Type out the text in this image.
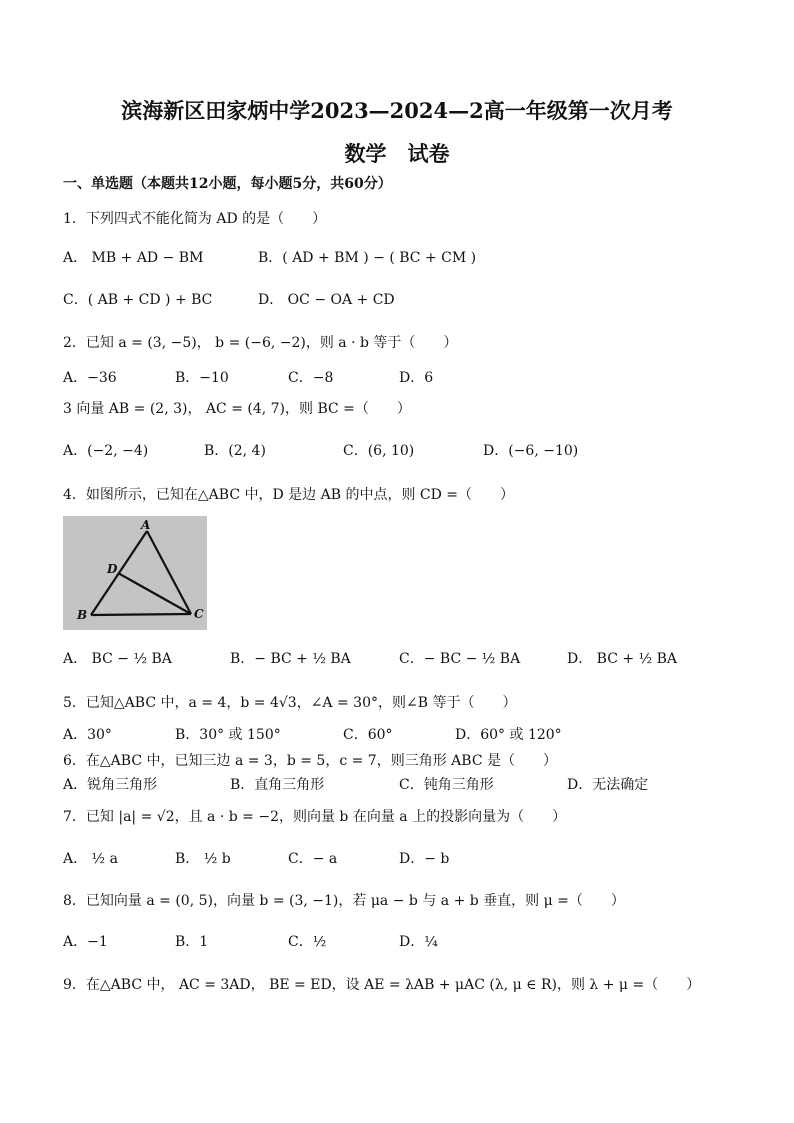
滨海新区田家炳中学2023—2024—2高一年级第一次月考
数学　试卷
一、单选题（本题共12小题，每小题5分，共60分）
1．下列四式不能化简为 AD 的是（　　）
A． MB + AD − BM	B．( AD + BM ) − ( BC + CM )
C．( AB + CD ) + BC	D． OC − OA + CD
2．已知 a = (3, −5)， b = (−6, −2)，则 a · b 等于（　　）
A．−36	B．−10	C．−8	D．6
3 向量 AB = (2, 3)， AC = (4, 7)，则 BC =（　　）
A．(−2, −4)	B．(2, 4)	C．(6, 10)	D．(−6, −10)
4．如图所示，已知在△ABC 中，D 是边 AB 的中点，则 CD =（　　）
A
B	C
D
A． BC − ½ BA	B．− BC + ½ BA	C．− BC − ½ BA	D． BC + ½ BA
5．已知△ABC 中，a = 4，b = 4√3，∠A = 30°，则∠B 等于（　　）
A．30°	B．30° 或 150°	C．60°	D．60° 或 120°
6．在△ABC 中，已知三边 a = 3，b = 5，c = 7，则三角形 ABC 是（　　）
A．锐角三角形	B．直角三角形	C．钝角三角形	D．无法确定
7．已知 |a| = √2，且 a · b = −2，则向量 b 在向量 a 上的投影向量为（　　）
A． ½ a	B． ½ b	C．− a	D．− b
8．已知向量 a = (0, 5)，向量 b = (3, −1)，若 μa − b 与 a + b 垂直，则 μ =（　　）
A．−1	B．1	C．½	D．¼
9．在△ABC 中， AC = 3AD， BE = ED，设 AE = λAB + μAC (λ, μ ∈ R)，则 λ + μ =（　　）
